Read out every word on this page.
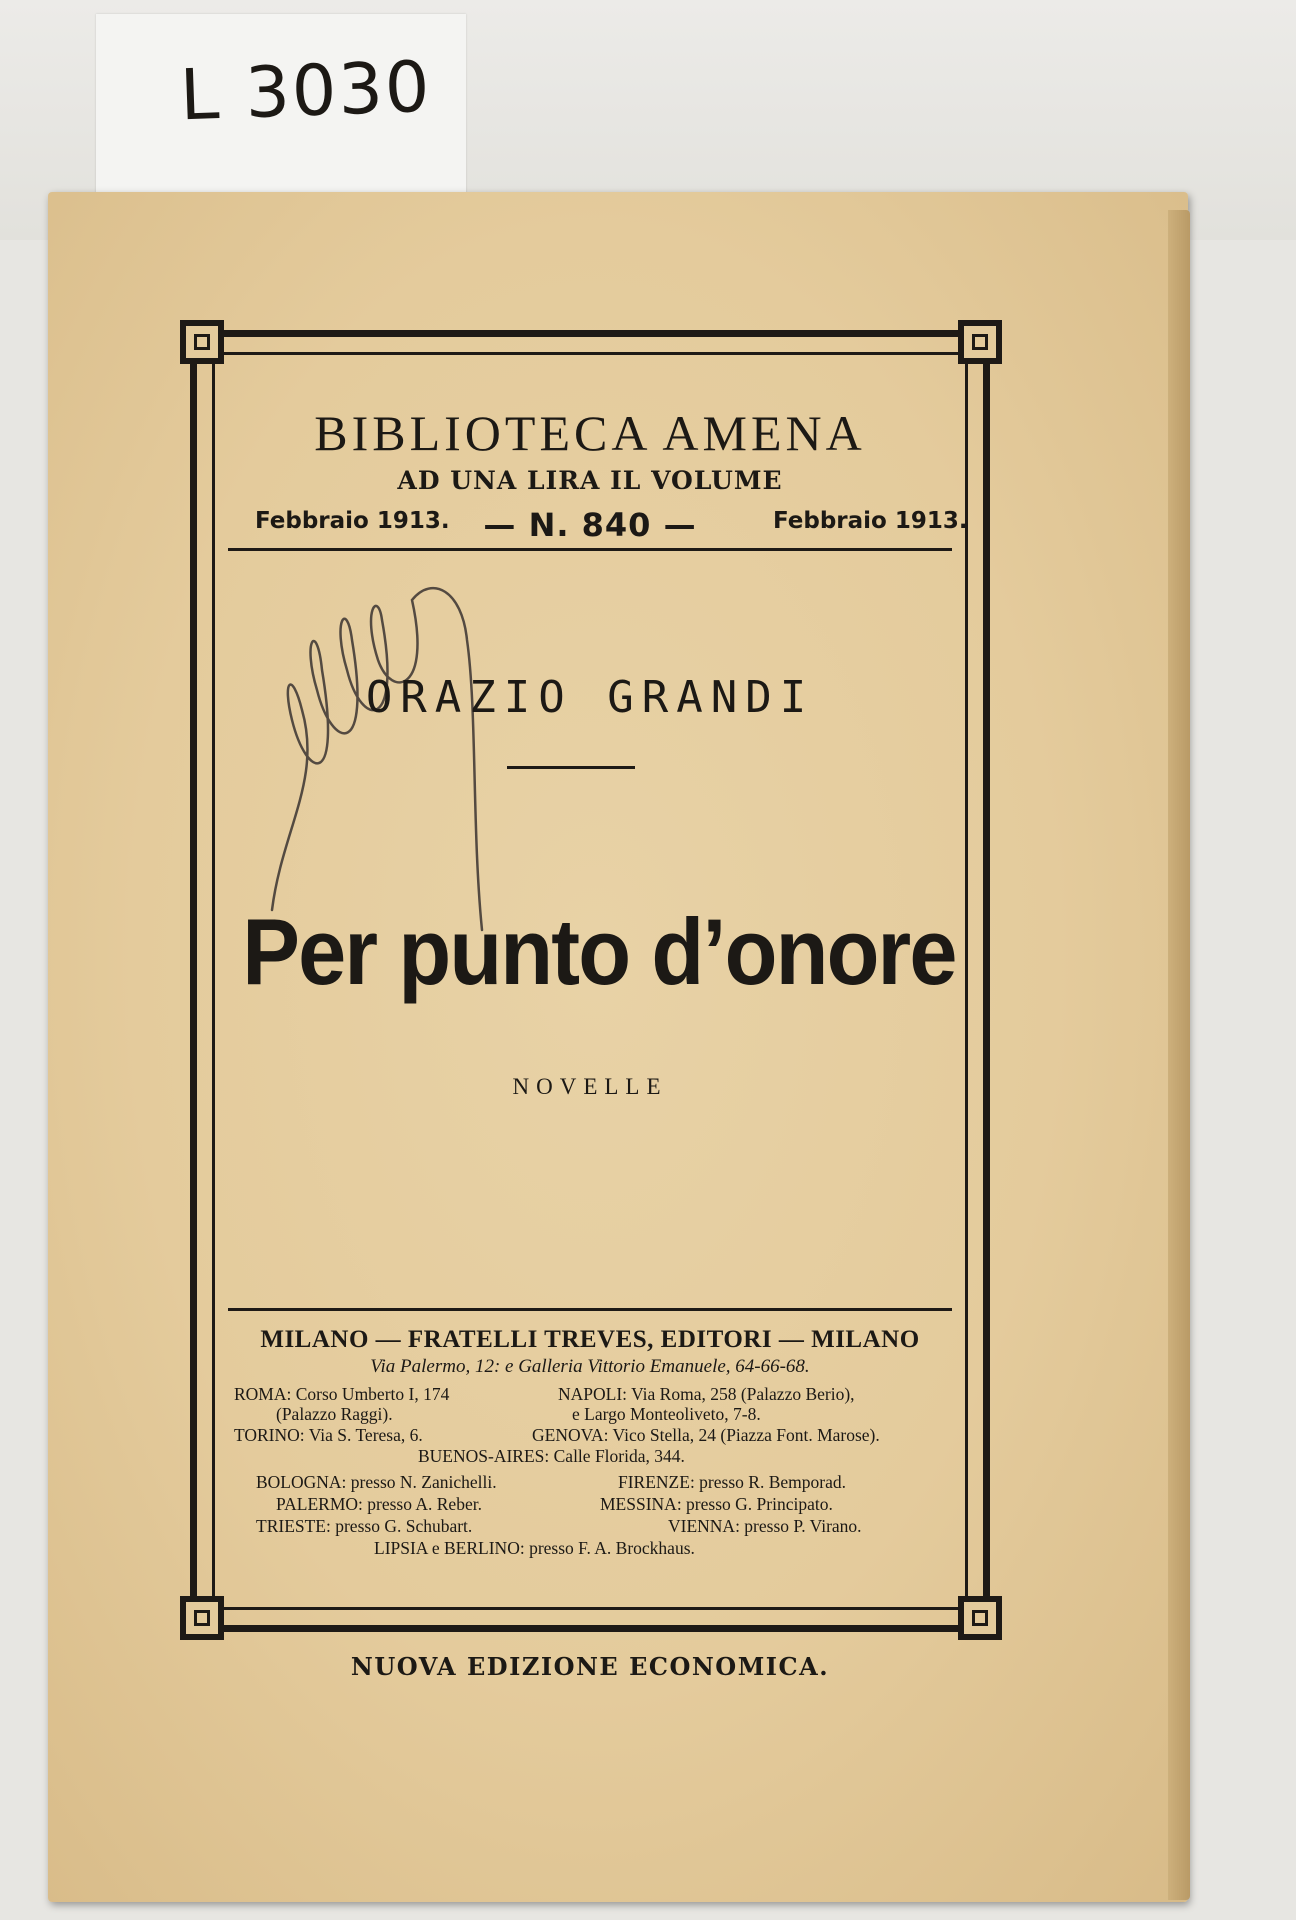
L 3030
BIBLIOTECA AMENA
AD UNA LIRA IL VOLUME
Febbraio 1913.	— N. 840 —	Febbraio 1913.
ORAZIO GRANDI
Per punto d’onore
NOVELLE
MILANO — FRATELLI TREVES, EDITORI — MILANO
Via Palermo, 12: e Galleria Vittorio Emanuele, 64-66-68.
ROMA: Corso Umberto I, 174	NAPOLI: Via Roma, 258 (Palazzo Berio),
(Palazzo Raggi).	e Largo Monteoliveto, 7-8.
TORINO: Via S. Teresa, 6.	GENOVA: Vico Stella, 24 (Piazza Font. Marose).
BUENOS-AIRES: Calle Florida, 344.
BOLOGNA: presso N. Zanichelli.	FIRENZE: presso R. Bemporad.
PALERMO: presso A. Reber.	MESSINA: presso G. Principato.
TRIESTE: presso G. Schubart.	VIENNA: presso P. Virano.
LIPSIA e BERLINO: presso F. A. Brockhaus.
NUOVA EDIZIONE ECONOMICA.
